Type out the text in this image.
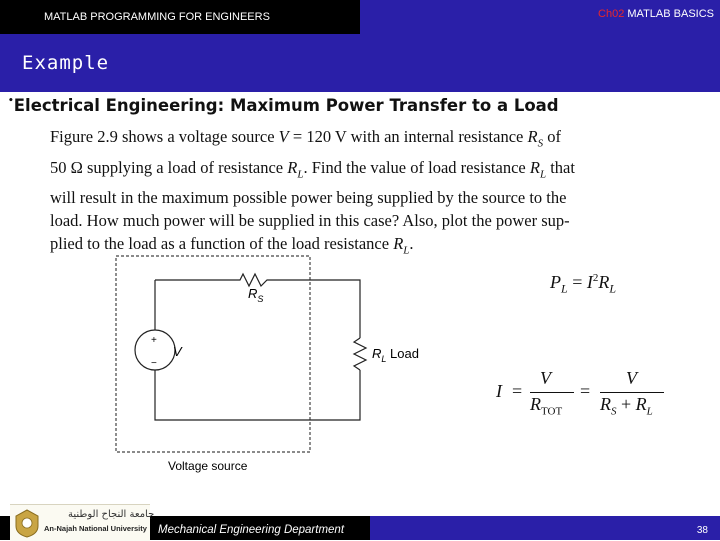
MATLAB PROGRAMMING FOR ENGINEERS	Ch02 MATLAB BASICS
Example
•Electrical Engineering: Maximum Power Transfer to a Load
Figure 2.9 shows a voltage source V = 120 V with an internal resistance $R_S$ of
50 Ω supplying a load of resistance $R_L$. Find the value of load resistance $R_L$ that
will result in the maximum possible power being supplied by the source to the
load. How much power will be supplied in this case? Also, plot the power sup-
plied to the load as a function of the load resistance $R_L$.
+
−
V
$R_S$
$R_L$ Load
Voltage source
$P_L = I^2R_L$
I =
V
$R_{TOT}$
=
V
$R_S + R_L$
Mechanical Engineering Department	38
جامعة النجاح الوطنية
An-Najah National University
